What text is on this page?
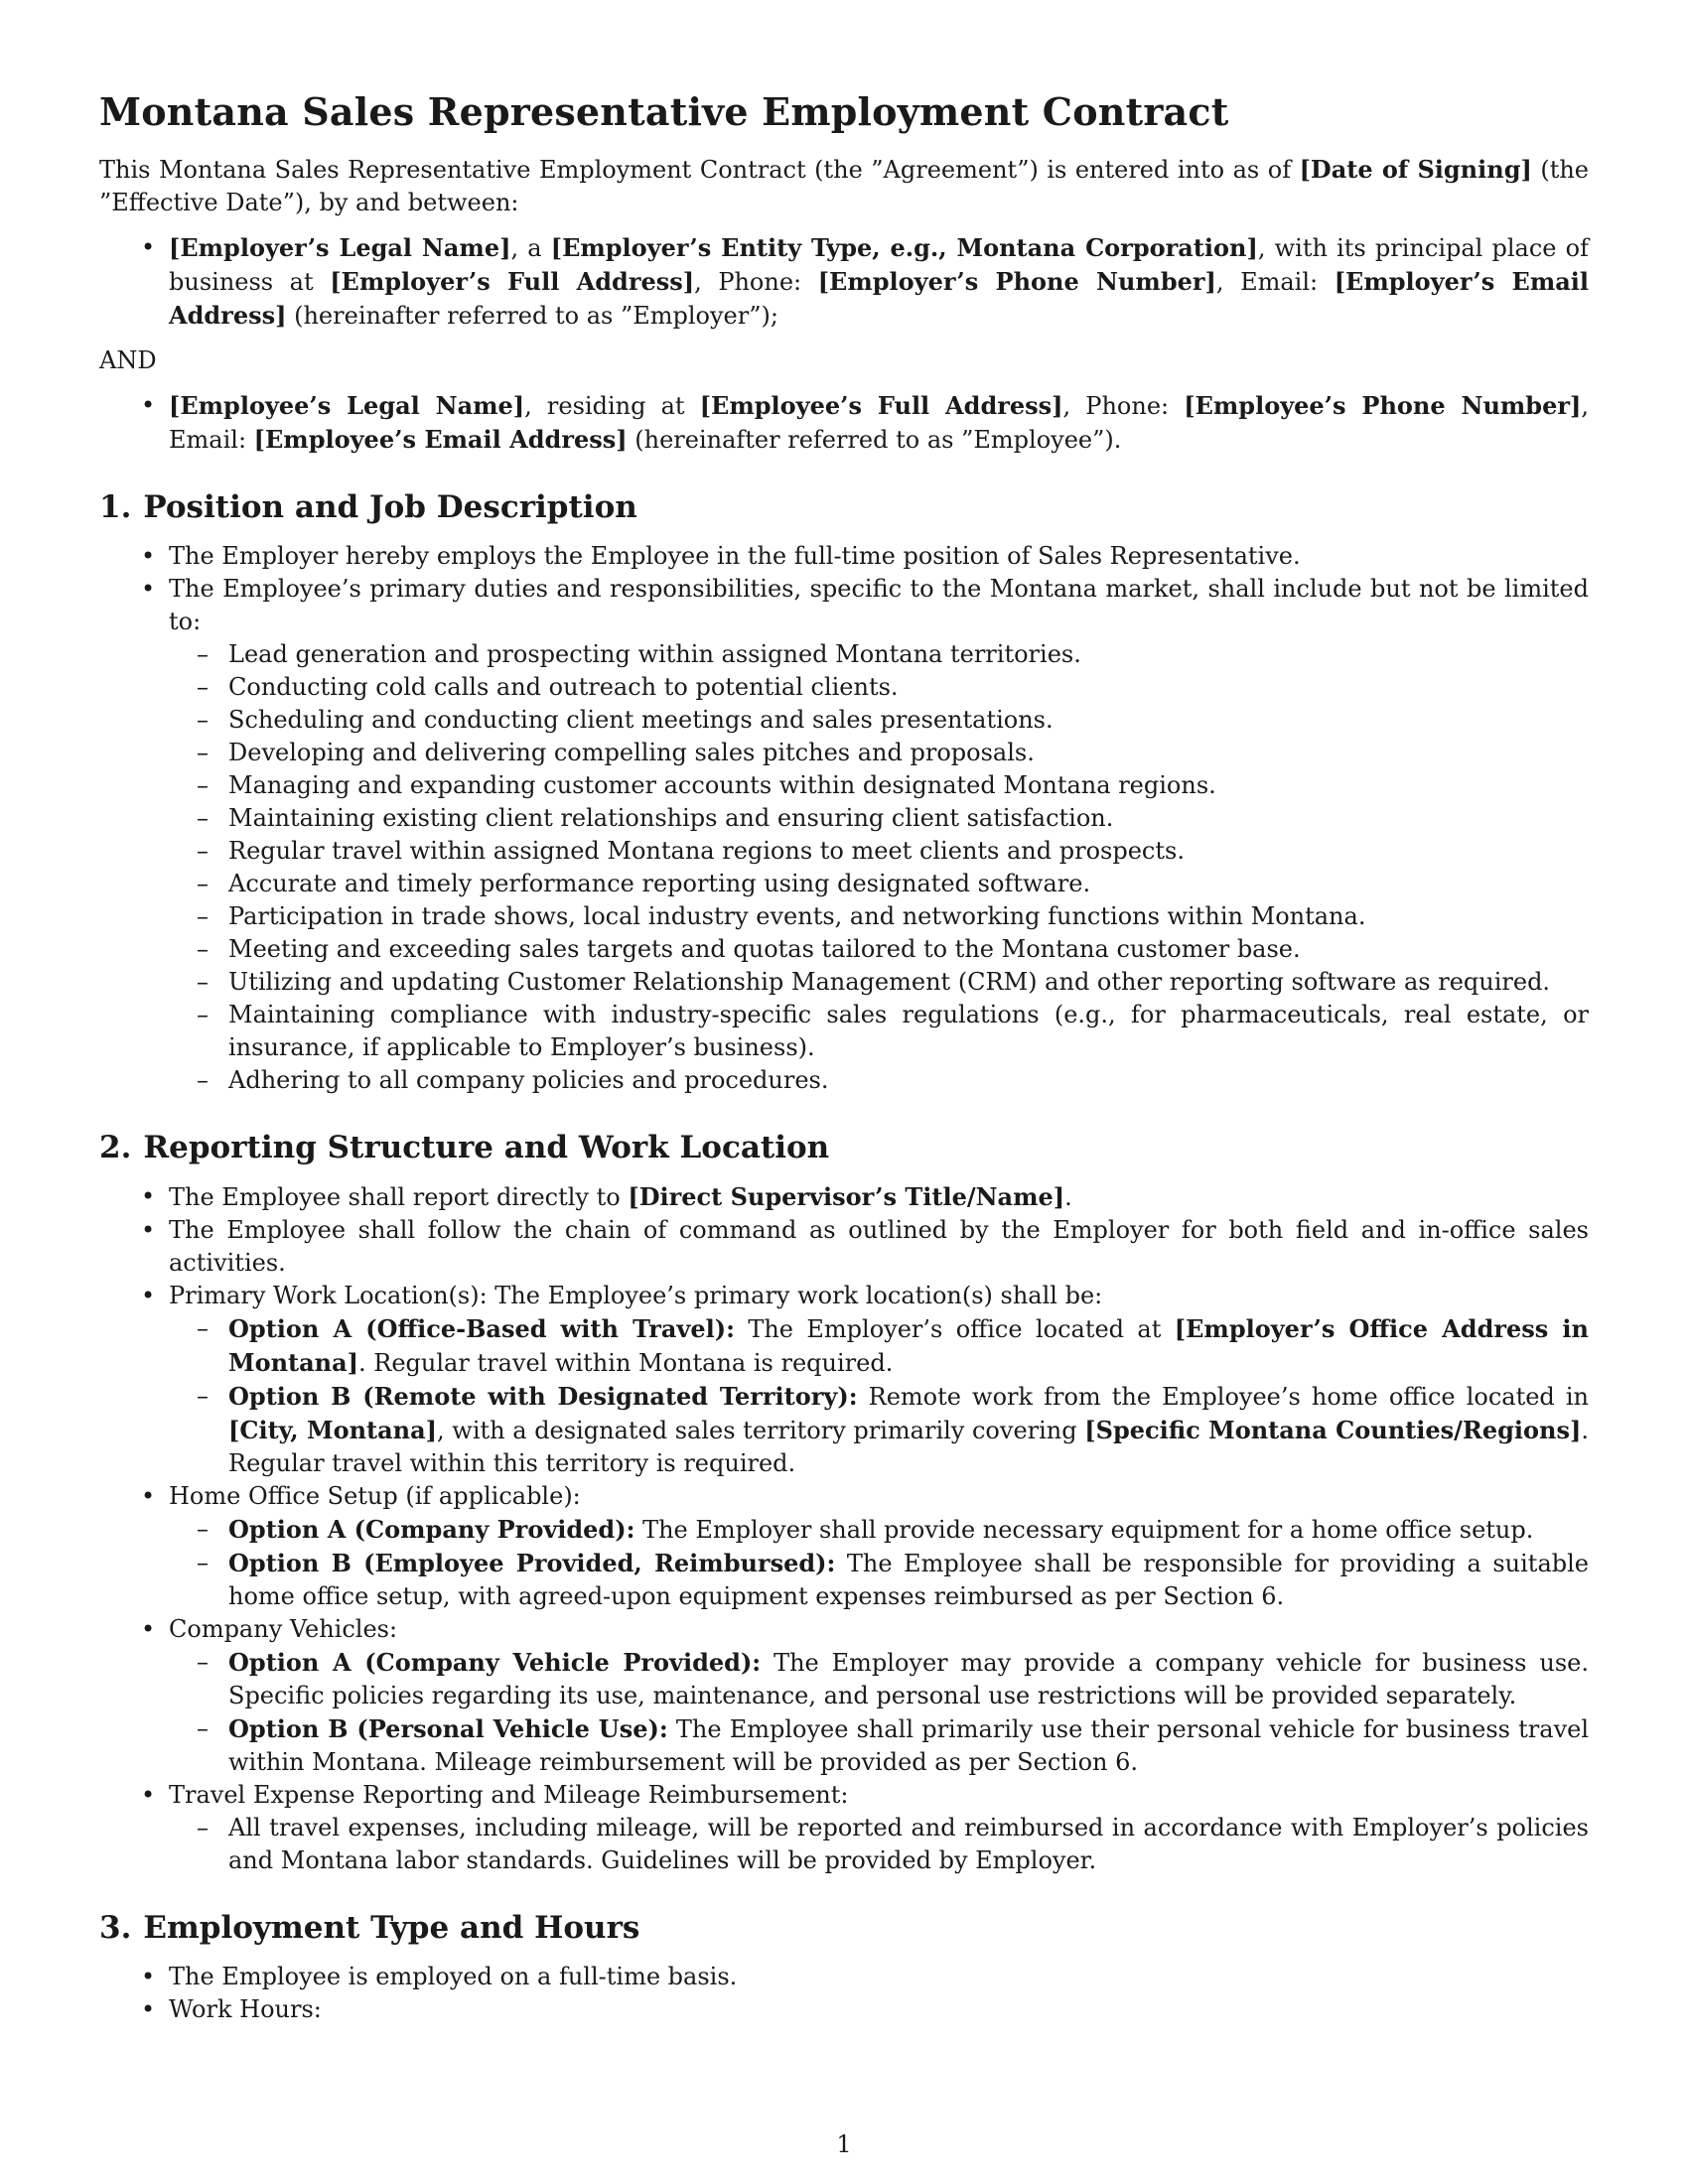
Montana Sales Representative Employment Contract

This Montana Sales Representative Employment Contract (the ”Agreement”) is entered into as of [Date of Signing] (the ”Effective Date”), by and between:

• [Employer’s Legal Name], a [Employer’s Entity Type, e.g., Montana Corporation], with its principal place of business at [Employer’s Full Address], Phone: [Employer’s Phone Number], Email: [Employer’s Email Address] (hereinafter referred to as ”Employer”);

AND

• [Employee’s Legal Name], residing at [Employee’s Full Address], Phone: [Employee’s Phone Number], Email: [Employee’s Email Address] (hereinafter referred to as ”Employee”).
1. Position and Job Description
• The Employer hereby employs the Employee in the full-time position of Sales Representative.
• The Employee’s primary duties and responsibilities, specific to the Montana market, shall include but not be limited to:
– Lead generation and prospecting within assigned Montana territories.
– Conducting cold calls and outreach to potential clients.
– Scheduling and conducting client meetings and sales presentations.
– Developing and delivering compelling sales pitches and proposals.
– Managing and expanding customer accounts within designated Montana regions.
– Maintaining existing client relationships and ensuring client satisfaction.
– Regular travel within assigned Montana regions to meet clients and prospects.
– Accurate and timely performance reporting using designated software.
– Participation in trade shows, local industry events, and networking functions within Montana.
– Meeting and exceeding sales targets and quotas tailored to the Montana customer base.
– Utilizing and updating Customer Relationship Management (CRM) and other reporting software as required.
– Maintaining compliance with industry-specific sales regulations (e.g., for pharmaceuticals, real estate, or insurance, if applicable to Employer’s business).
– Adhering to all company policies and procedures.
2. Reporting Structure and Work Location
• The Employee shall report directly to [Direct Supervisor’s Title/Name].
• The Employee shall follow the chain of command as outlined by the Employer for both field and in-office sales activities.
• Primary Work Location(s): The Employee’s primary work location(s) shall be:
– Option A (Office-Based with Travel): The Employer’s office located at [Employer’s Office Address in Montana]. Regular travel within Montana is required.
– Option B (Remote with Designated Territory): Remote work from the Employee’s home office located in [City, Montana], with a designated sales territory primarily covering [Specific Montana Counties/Regions]. Regular travel within this territory is required.
• Home Office Setup (if applicable):
– Option A (Company Provided): The Employer shall provide necessary equipment for a home office setup.
– Option B (Employee Provided, Reimbursed): The Employee shall be responsible for providing a suitable home office setup, with agreed-upon equipment expenses reimbursed as per Section 6.
• Company Vehicles:
– Option A (Company Vehicle Provided): The Employer may provide a company vehicle for business use. Specific policies regarding its use, maintenance, and personal use restrictions will be provided separately.
– Option B (Personal Vehicle Use): The Employee shall primarily use their personal vehicle for business travel within Montana. Mileage reimbursement will be provided as per Section 6.
• Travel Expense Reporting and Mileage Reimbursement:
– All travel expenses, including mileage, will be reported and reimbursed in accordance with Employer’s policies and Montana labor standards. Guidelines will be provided by Employer.
3. Employment Type and Hours
• The Employee is employed on a full-time basis.
• Work Hours:
1
